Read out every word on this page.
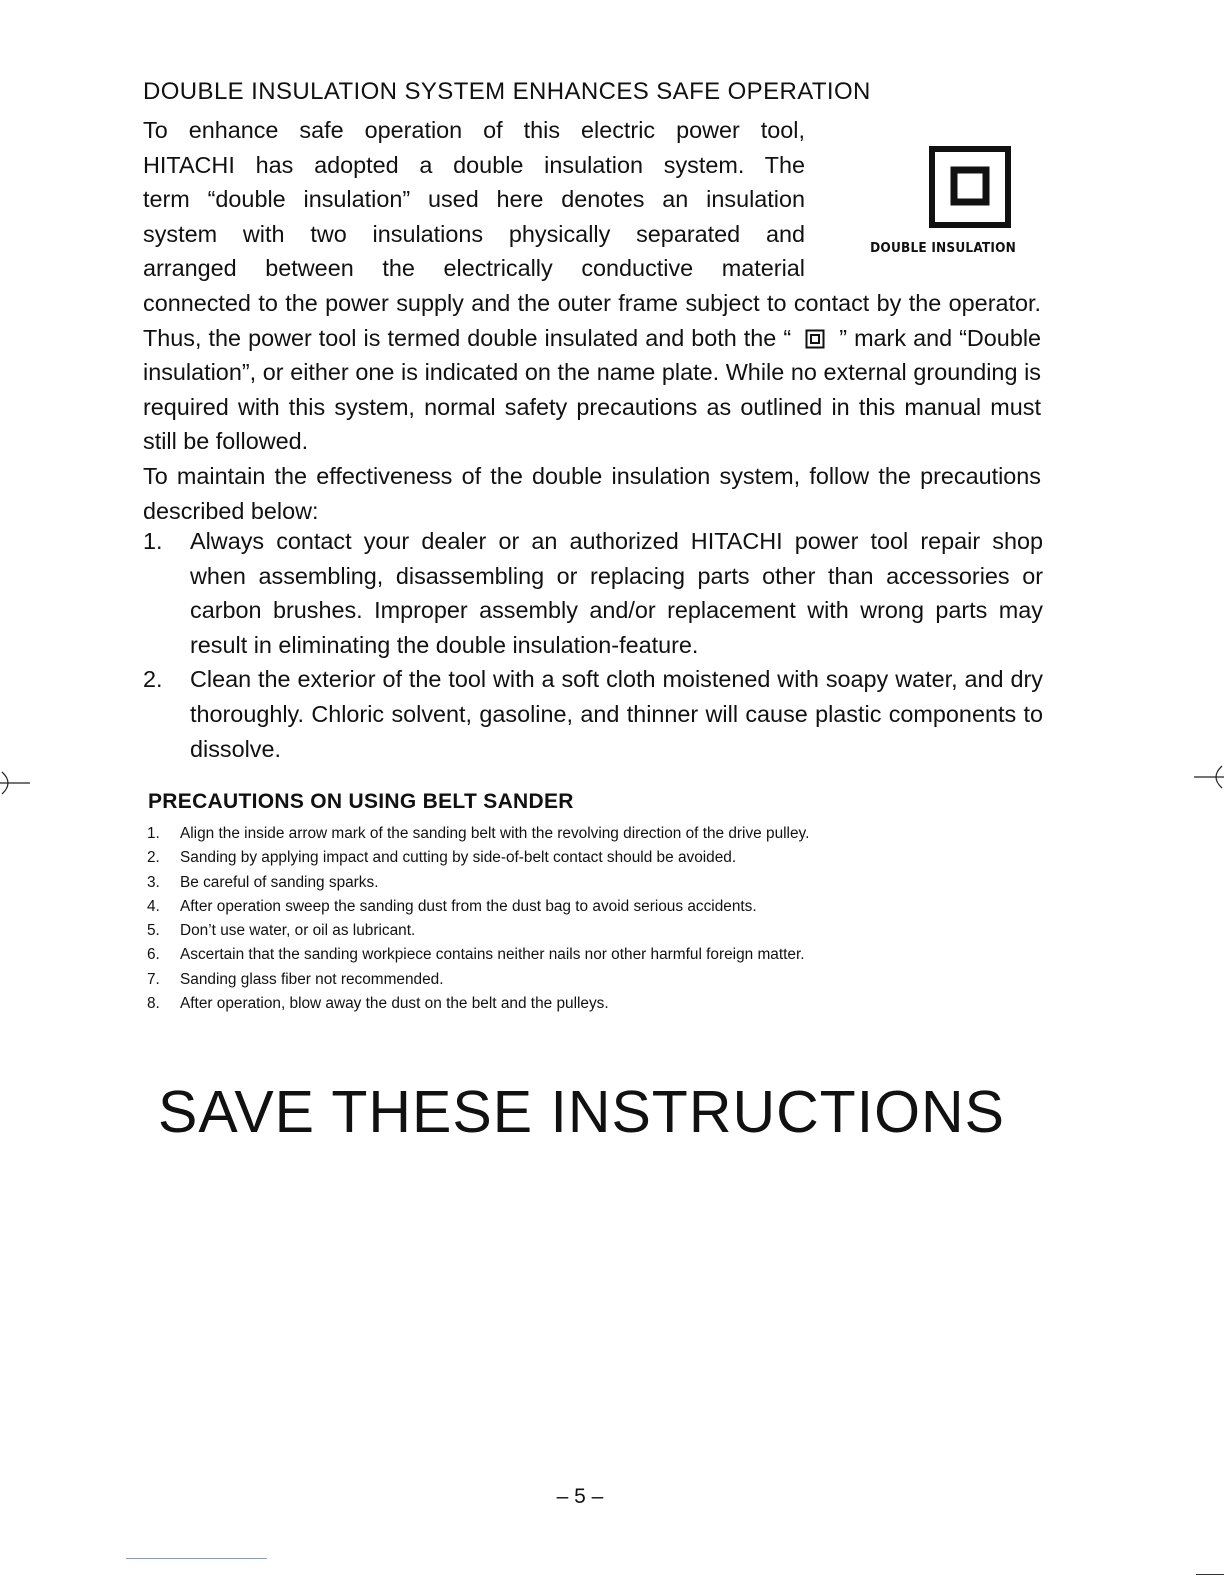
DOUBLE INSULATION SYSTEM ENHANCES SAFE OPERATION
DOUBLE INSULATION
To enhance safe operation of this electric power tool,
HITACHI has adopted a double insulation system. The
term “double insulation” used here denotes an insulation
system with two insulations physically separated and
arranged between the electrically conductive material

connected to the power supply and the outer frame subject to contact by the operator. Thus, the power tool is termed double insulated and both the “ ” mark and “Double insulation”, or either one is indicated on the name plate. While no external grounding is required with this system, normal safety precautions as outlined in this manual must still be followed.

To maintain the effectiveness of the double insulation system, follow the precautions described below:

1. Always contact your dealer or an authorized HITACHI power tool repair shop when assembling, disassembling or replacing parts other than accessories or carbon brushes. Improper assembly and/or replacement with wrong parts may result in eliminating the double insulation-feature.
2. Clean the exterior of the tool with a soft cloth moistened with soapy water, and dry thoroughly. Chloric solvent, gasoline, and thinner will cause plastic components to dissolve.
PRECAUTIONS ON USING BELT SANDER
1. Align the inside arrow mark of the sanding belt with the revolving direction of the drive pulley.
2. Sanding by applying impact and cutting by side-of-belt contact should be avoided.
3. Be careful of sanding sparks.
4. After operation sweep the sanding dust from the dust bag to avoid serious accidents.
5. Don’t use water, or oil as lubricant.
6. Ascertain that the sanding workpiece contains neither nails nor other harmful foreign matter.
7. Sanding glass fiber not recommended.
8. After operation, blow away the dust on the belt and the pulleys.
SAVE THESE INSTRUCTIONS
– 5 –
